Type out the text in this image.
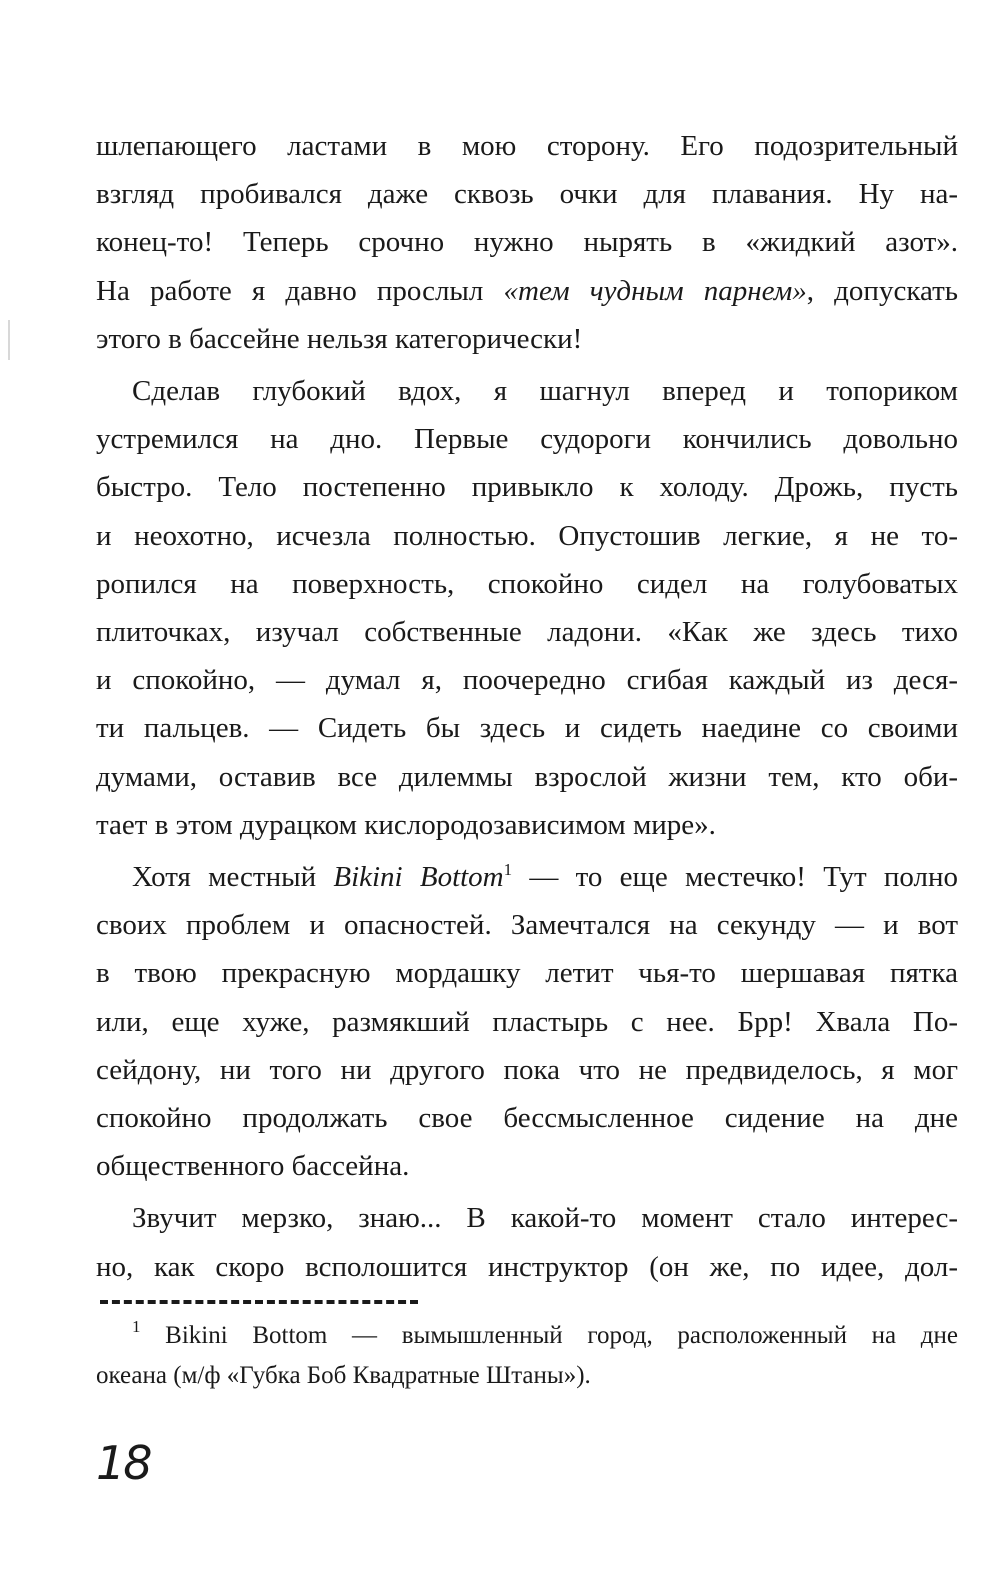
шлепающего ластами в мою сторону. Его подозрительный
взгляд пробивался даже сквозь очки для плавания. Ну на-
конец-то! Теперь срочно нужно нырять в «жидкий азот».
На работе я давно прослыл «тем чудным парнем», допускать
этого в бассейне нельзя категорически!
Сделав глубокий вдох, я шагнул вперед и топориком
устремился на дно. Первые судороги кончились довольно
быстро. Тело постепенно привыкло к холоду. Дрожь, пусть
и неохотно, исчезла полностью. Опустошив легкие, я не то-
ропился на поверхность, спокойно сидел на голубоватых
плиточках, изучал собственные ладони. «Как же здесь тихо
и спокойно, — думал я, поочередно сгибая каждый из деся-
ти пальцев. — Сидеть бы здесь и сидеть наедине со своими
думами, оставив все дилеммы взрослой жизни тем, кто оби-
тает в этом дурацком кислородозависимом мире».
Хотя местный Bikini Bottom$^1$ — то еще местечко! Тут полно
своих проблем и опасностей. Замечтался на секунду — и вот
в твою прекрасную мордашку летит чья-то шершавая пятка
или, еще хуже, размякший пластырь с нее. Брр! Хвала По-
сейдону, ни того ни другого пока что не предвиделось, я мог
спокойно продолжать свое бессмысленное сидение на дне
общественного бассейна.
Звучит мерзко, знаю... В какой-то момент стало интерес-
но, как скоро всполошится инструктор (он же, по идее, дол-
$^1$ Bikini Bottom — вымышленный город, расположенный на дне
океана (м/ф «Губка Боб Квадратные Штаны»).
18
